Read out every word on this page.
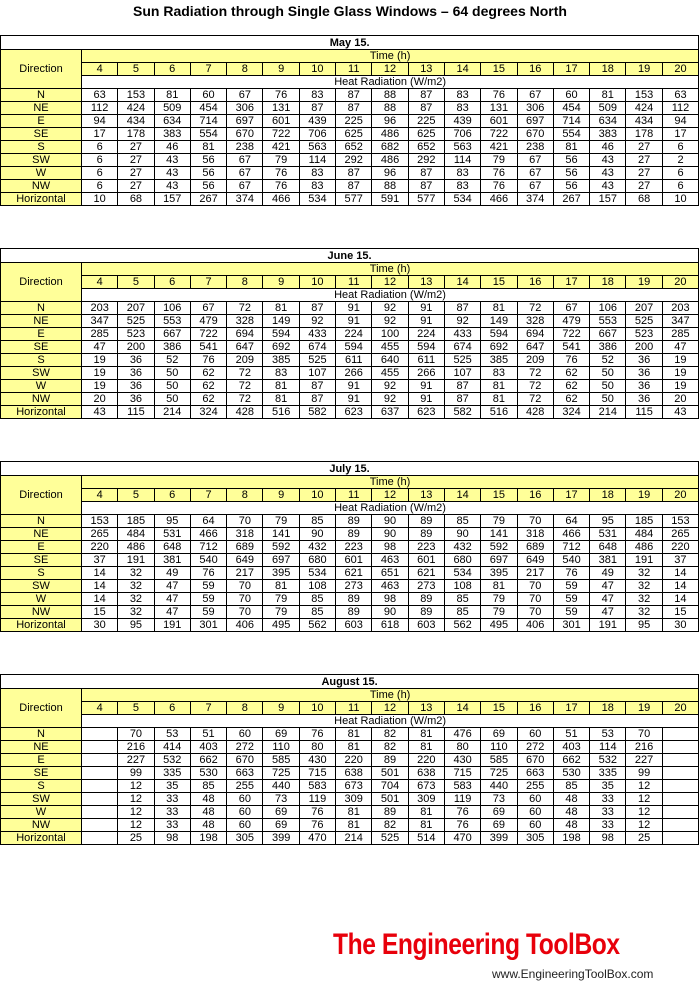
Sun Radiation through Single Glass Windows – 64 degrees North
May 15.																	
Direction	Time (h)																
	4	5	6	7	8	9	10	11	12	13	14	15	16	17	18	19	20
	Heat Radiation (W/m2)																
N	63	153	81	60	67	76	83	87	88	87	83	76	67	60	81	153	63
NE	112	424	509	454	306	131	87	87	88	87	83	131	306	454	509	424	112
E	94	434	634	714	697	601	439	225	96	225	439	601	697	714	634	434	94
SE	17	178	383	554	670	722	706	625	486	625	706	722	670	554	383	178	17
S	6	27	46	81	238	421	563	652	682	652	563	421	238	81	46	27	6
SW	6	27	43	56	67	79	114	292	486	292	114	79	67	56	43	27	2
W	6	27	43	56	67	76	83	87	96	87	83	76	67	56	43	27	6
NW	6	27	43	56	67	76	83	87	88	87	83	76	67	56	43	27	6
Horizontal	10	68	157	267	374	466	534	577	591	577	534	466	374	267	157	68	10
June 15.																	
Direction	Time (h)																
	4	5	6	7	8	9	10	11	12	13	14	15	16	17	18	19	20
	Heat Radiation (W/m2)																
N	203	207	106	67	72	81	87	91	92	91	87	81	72	67	106	207	203
NE	347	525	553	479	328	149	92	91	92	91	92	149	328	479	553	525	347
E	285	523	667	722	694	594	433	224	100	224	433	594	694	722	667	523	285
SE	47	200	386	541	647	692	674	594	455	594	674	692	647	541	386	200	47
S	19	36	52	76	209	385	525	611	640	611	525	385	209	76	52	36	19
SW	19	36	50	62	72	83	107	266	455	266	107	83	72	62	50	36	19
W	19	36	50	62	72	81	87	91	92	91	87	81	72	62	50	36	19
NW	20	36	50	62	72	81	87	91	92	91	87	81	72	62	50	36	20
Horizontal	43	115	214	324	428	516	582	623	637	623	582	516	428	324	214	115	43
July 15.																	
Direction	Time (h)																
	4	5	6	7	8	9	10	11	12	13	14	15	16	17	18	19	20
	Heat Radiation (W/m2)																
N	153	185	95	64	70	79	85	89	90	89	85	79	70	64	95	185	153
NE	265	484	531	466	318	141	90	89	90	89	90	141	318	466	531	484	265
E	220	486	648	712	689	592	432	223	98	223	432	592	689	712	648	486	220
SE	37	191	381	540	649	697	680	601	463	601	680	697	649	540	381	191	37
S	14	32	49	76	217	395	534	621	651	621	534	395	217	76	49	32	14
SW	14	32	47	59	70	81	108	273	463	273	108	81	70	59	47	32	14
W	14	32	47	59	70	79	85	89	98	89	85	79	70	59	47	32	14
NW	15	32	47	59	70	79	85	89	90	89	85	79	70	59	47	32	15
Horizontal	30	95	191	301	406	495	562	603	618	603	562	495	406	301	191	95	30
August 15.																	
Direction	Time (h)																
	4	5	6	7	8	9	10	11	12	13	14	15	16	17	18	19	20
	Heat Radiation (W/m2)																
N		70	53	51	60	69	76	81	82	81	476	69	60	51	53	70	
NE		216	414	403	272	110	80	81	82	81	80	110	272	403	114	216	
E		227	532	662	670	585	430	220	89	220	430	585	670	662	532	227	
SE		99	335	530	663	725	715	638	501	638	715	725	663	530	335	99	
S		12	35	85	255	440	583	673	704	673	583	440	255	85	35	12	
SW		12	33	48	60	73	119	309	501	309	119	73	60	48	33	12	
W		12	33	48	60	69	76	81	89	81	76	69	60	48	33	12	
NW		12	33	48	60	69	76	81	82	81	76	69	60	48	33	12	
Horizontal		25	98	198	305	399	470	214	525	514	470	399	305	198	98	25	
The Engineering ToolBox
www.EngineeringToolBox.com
